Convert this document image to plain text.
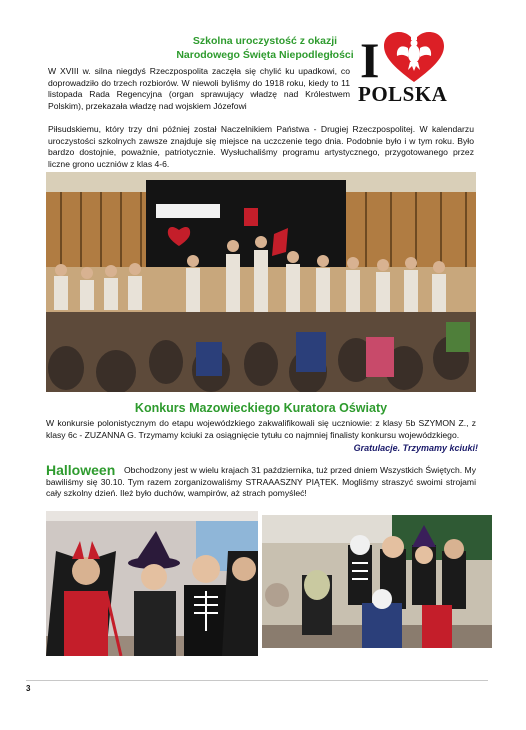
Szkolna uroczystość z okazji
Narodowego Święta Niepodległości I
POLSKA

W XVIII w. silna niegdyś Rzeczpospolita zaczęła się chylić ku upadkowi, co doprowadziło do trzech rozbiorów. W niewoli byliśmy do 1918 roku, kiedy to 11 listopada Rada Regencyjna (organ sprawujący władzę nad Królestwem Polskim), przekazała władzę nad wojskiem Józefowi

Piłsudskiemu, który trzy dni później został Naczelnikiem Państwa - Drugiej Rzeczpospolitej. W kalendarzu uroczystości szkolnych zawsze znajduje się miejsce na uczczenie tego dnia. Podobnie było i w tym roku. Było bardzo dostojnie, poważnie, patriotycznie. Wysłuchaliśmy programu artystycznego, przygotowanego przez liczne grono uczniów z klas 4-6.

Konkurs Mazowieckiego Kuratora Oświaty

W konkursie polonistycznym do etapu wojewódzkiego zakwalifikowali się uczniowie: z klasy 5b SZYMON Z., z klasy 6c - ZUZANNA G. Trzymamy kciuki za osiągnięcie tytułu co najmniej finalisty konkursu wojewódzkiego.

Gratulacje. Trzymamy kciuki!
Halloween	Obchodzony jest w wielu krajach 31 października, tuż przed dniem Wszystkich Świętych. My bawiliśmy się 30.10. Tym razem zorganizowaliśmy STRAAASZNY PIĄTEK. Mogliśmy straszyć swoimi strojami cały szkolny dzień. Ileż było duchów, wampirów, aż strach pomyśleć!

3
